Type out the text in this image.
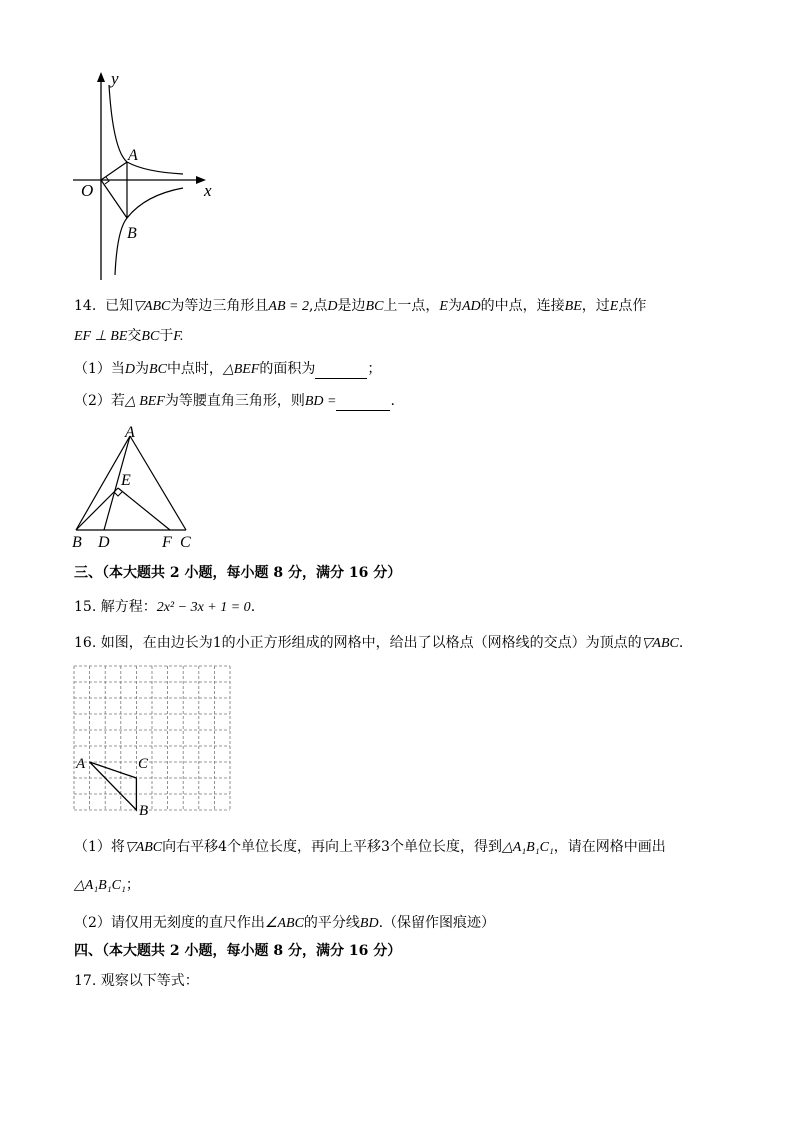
y
x
O
A
B
14. 已知▽ABC为等边三角形且AB = 2,点D是边BC上一点，E为AD的中点，连接BE，过E点作
EF ⊥ BE交BC于F.
（1）当D为BC中点时，△BEF的面积为	；
（2）若△ BEF为等腰直角三角形，则BD =	.
A
E
B D	F C
三、（本大题共 2 小题，每小题 8 分，满分 16 分）
15. 解方程：2x² − 3x + 1 = 0.
16. 如图，在由边长为1的小正方形组成的网格中，给出了以格点（网格线的交点）为顶点的▽ABC.
A	C
B
（1）将▽ABC向右平移4个单位长度，再向上平移3个单位长度，得到△A₁B₁C₁，请在网格中画出
△A₁B₁C₁；
（2）请仅用无刻度的直尺作出∠ABC的平分线BD.（保留作图痕迹）
四、（本大题共 2 小题，每小题 8 分，满分 16 分）
17. 观察以下等式：
